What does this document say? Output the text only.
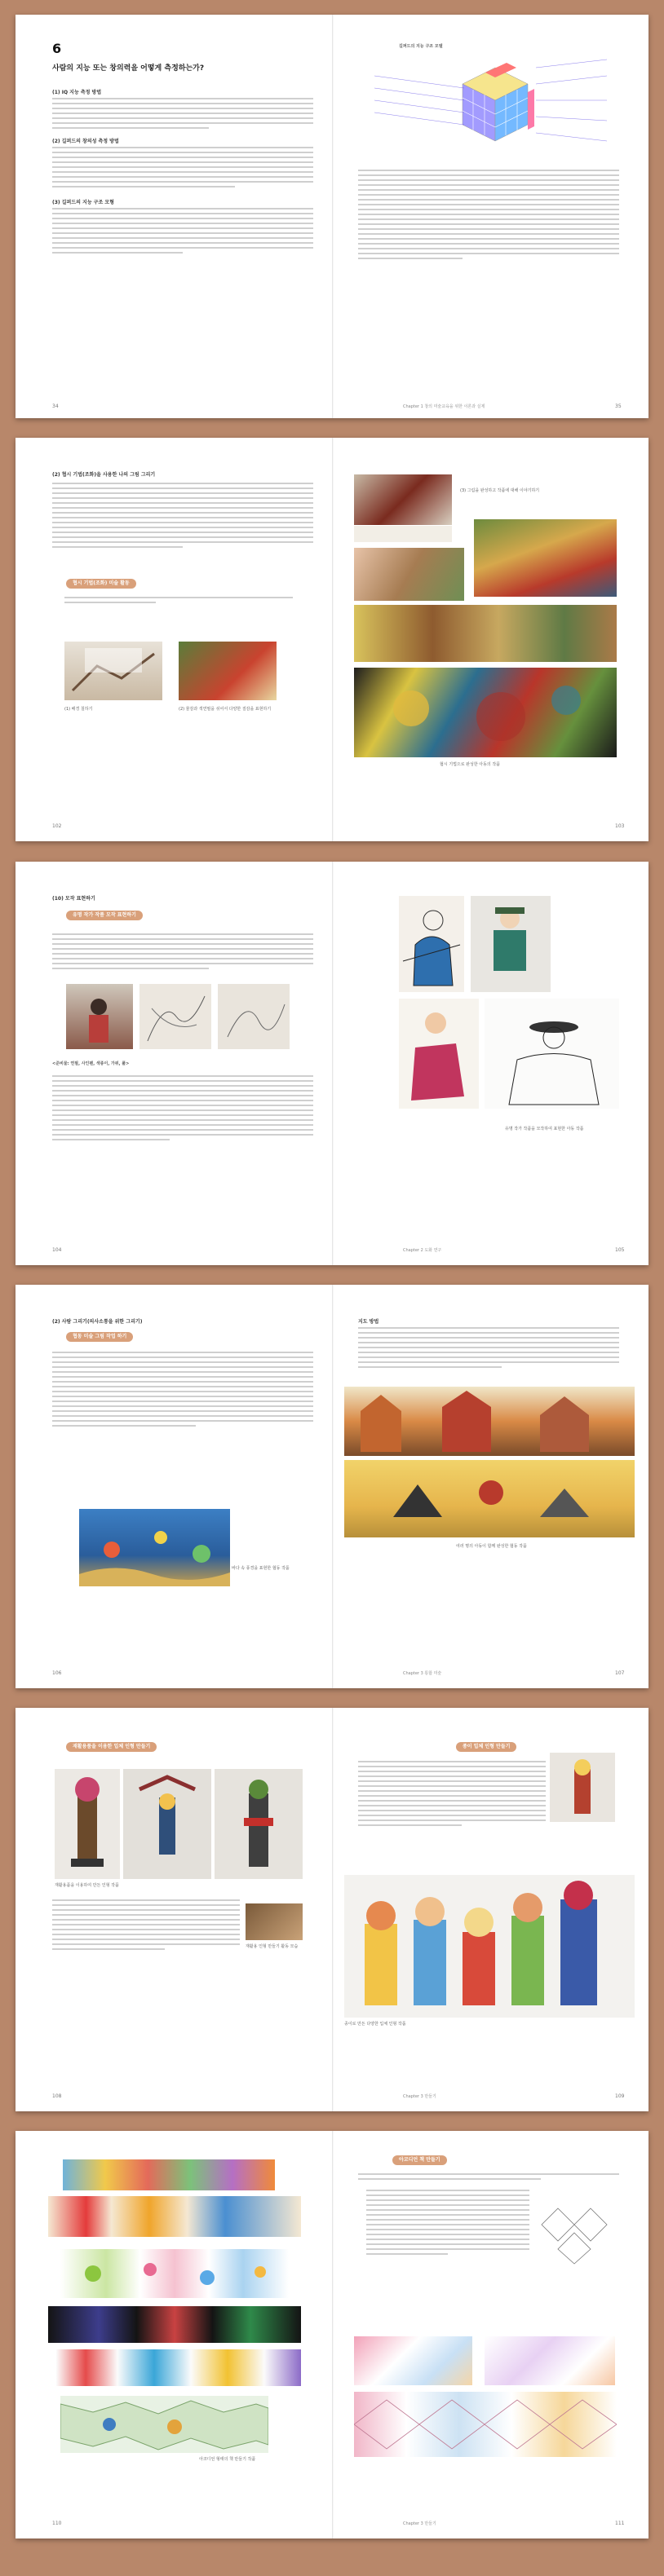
6
사람의 지능 또는 창의력을 어떻게 측정하는가?
(1) IQ 지능 측정 방법
(2) 길퍼드의 창의성 측정 방법
(3) 길퍼드의 지능 구조 모형
34
길퍼드의 지능 구조 모델
Chapter 1 창의 미술교육을 위한 이론과 실제	35
(2) 협시 기법(조화)을 사용한 나의 그림 그리기
협시 기법(조화) 미술 활동
(1) 배경 칠하기	(2) 물감과 색연필을 섞어서 다양한 질감을 표현하기
102
(3) 그림을 완성하고 작품에 대해 이야기하기
협시 기법으로 완성한 아동의 작품
103
(10) 모작 표현하기
유명 작가 작품 모작 표현하기
<준비물: 연필, 사인펜, 색종이, 가위, 풀>
104
유명 작가 작품을 모작하여 표현한 아동 작품
Chapter 2 도화 연구	105
(2) 사람 그리기(의사소통을 위한 그리기)
협동 미술 그림 작업 하기
바다 속 풍경을 표현한 협동 작품
106
지도 방법
여러 명의 아동이 함께 완성한 협동 작품
Chapter 3 통합 미술	107
재활용품을 이용한 입체 인형 만들기
재활용품을 이용하여 만든 인형 작품
재활용 인형 만들기 활동 모습
108
종이 입체 인형 만들기
종이로 만든 다양한 입체 인형 작품
Chapter 3 만들기	109
아코디언 형태의 책 만들기 작품
110
아코디언 책 만들기
Chapter 3 만들기	111
